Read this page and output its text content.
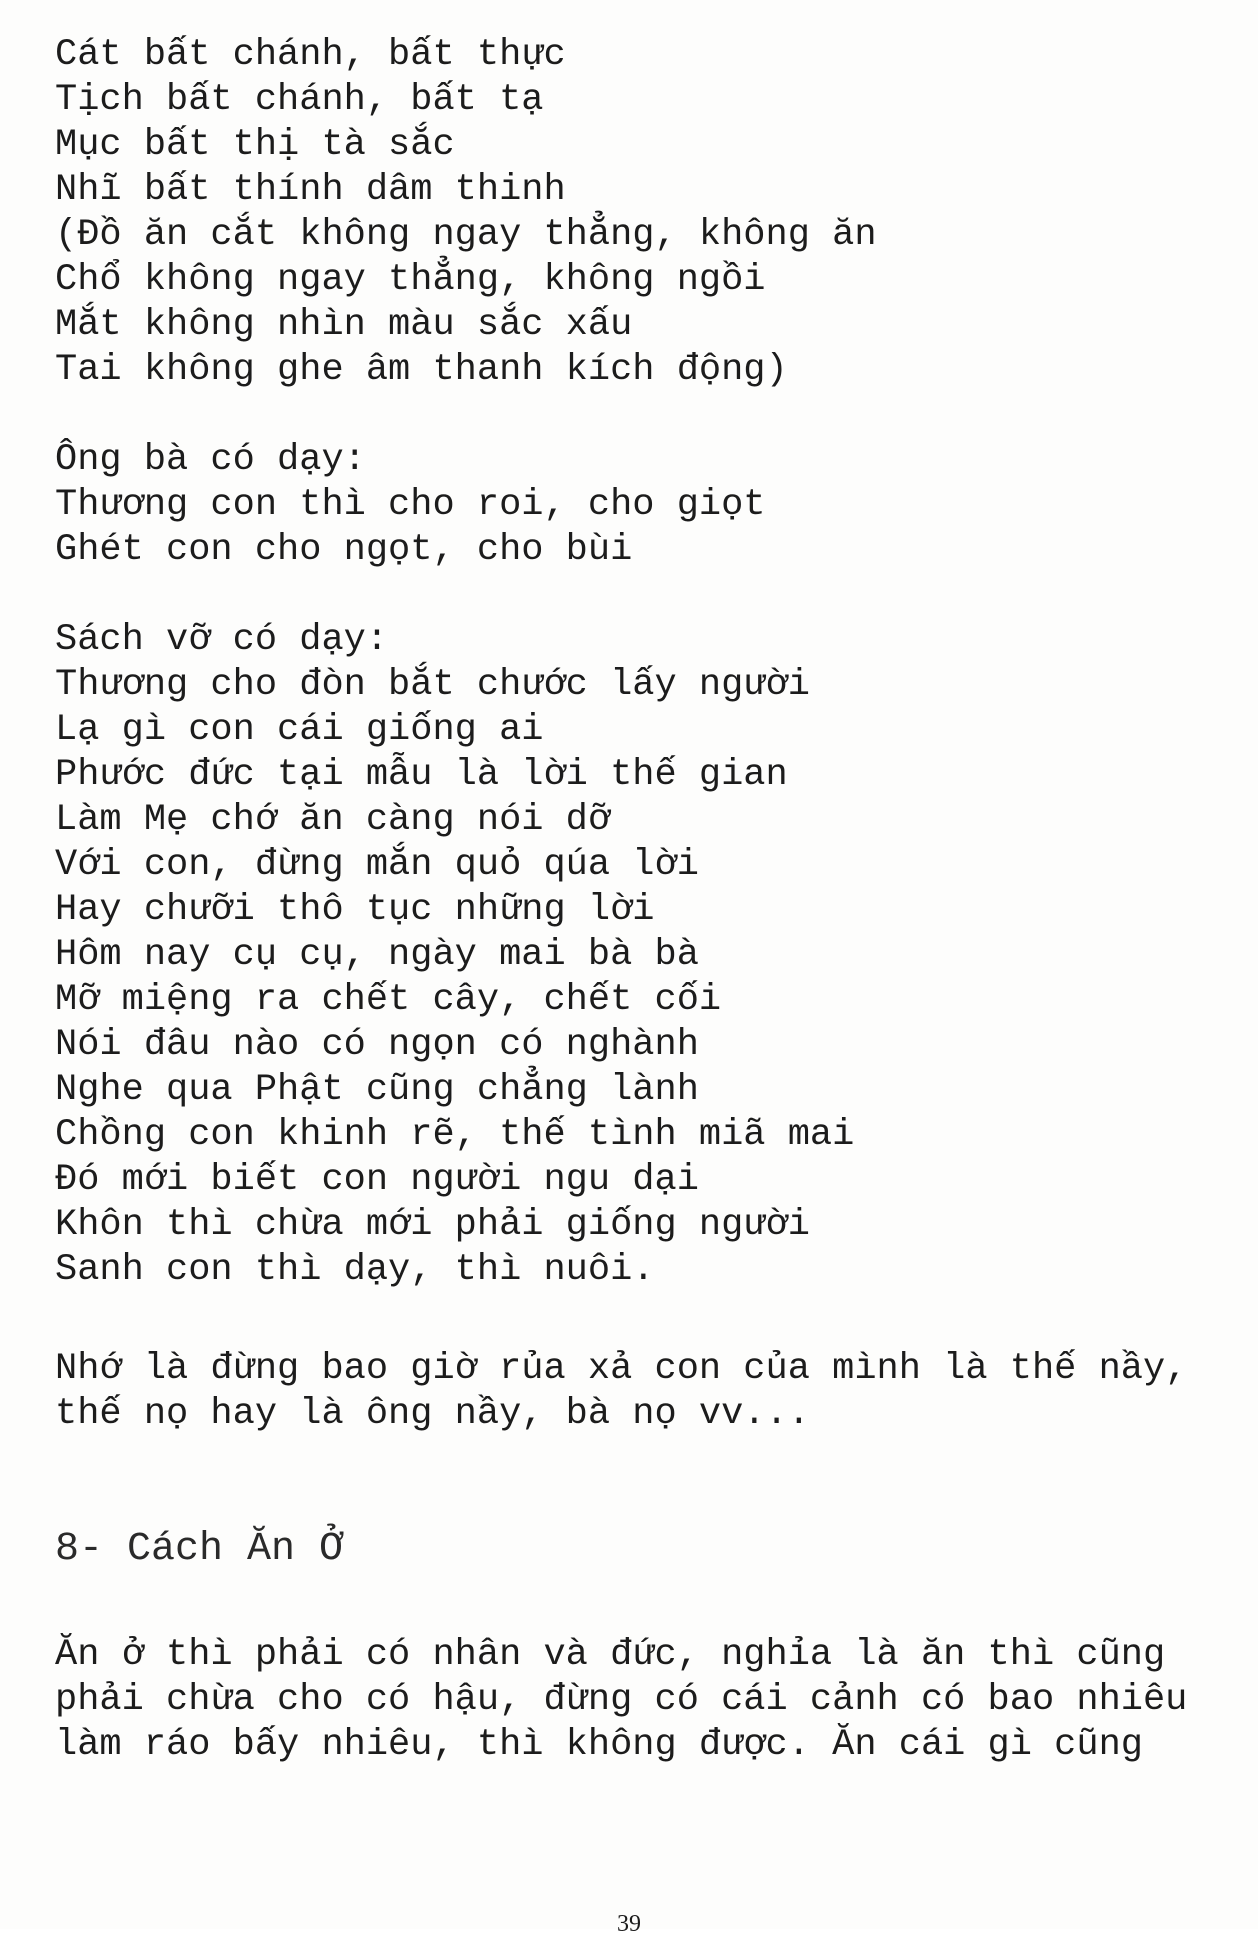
Cát bất chánh, bất thực
Tịch bất chánh, bất tạ
Mục bất thị tà sắc
Nhĩ bất thính dâm thinh
(Đồ ăn cắt không ngay thẳng, không ăn
Chổ không ngay thẳng, không ngồi
Mắt không nhìn màu sắc xấu
Tai không ghe âm thanh kích động)
Ông bà có dạy:
Thương con thì cho roi, cho giọt
Ghét con cho ngọt, cho bùi
Sách vỡ có dạy:
Thương cho đòn bắt chước lấy người
Lạ gì con cái giống ai
Phước đức tại mẫu là lời thế gian
Làm Mẹ chớ ăn càng nói dỡ
Với con, đừng mắn quỏ qúa lời
Hay chưỡi thô tục những lời
Hôm nay cụ cụ, ngày mai bà bà
Mỡ miệng ra chết cây, chết cối
Nói đâu nào có ngọn có nghành
Nghe qua Phật cũng chẳng lành
Chồng con khinh rẽ, thế tình miã mai
Đó mới biết con người ngu dại
Khôn thì chừa mới phải giống người
Sanh con thì dạy, thì nuôi.
Nhớ là đừng bao giờ rủa xả con của mình là thế nầy,
thế nọ hay là ông nầy, bà nọ vv...
8- Cách Ăn Ở
Ăn ở thì phải có nhân và đức, nghỉa là ăn thì cũng
phải chừa cho có hậu, đừng có cái cảnh có bao nhiêu
làm ráo bấy nhiêu, thì không được. Ăn cái gì cũng
39
